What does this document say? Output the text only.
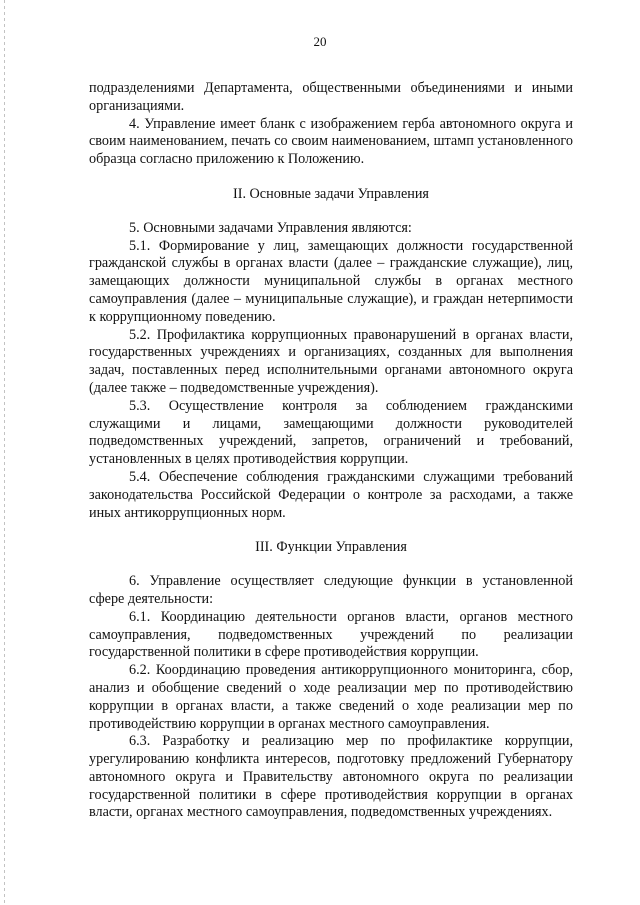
20

подразделениями Департамента, общественными объединениями и иными организациями.

4. Управление имеет бланк с изображением герба автономного округа и своим наименованием, печать со своим наименованием, штамп установленного образца согласно приложению к Положению.

II. Основные задачи Управления

5. Основными задачами Управления являются:

5.1. Формирование у лиц, замещающих должности государственной гражданской службы в органах власти (далее – гражданские служащие), лиц, замещающих должности муниципальной службы в органах местного самоуправления (далее – муниципальные служащие), и граждан нетерпимости к коррупционному поведению.

5.2. Профилактика коррупционных правонарушений в органах власти, государственных учреждениях и организациях, созданных для выполнения задач, поставленных перед исполнительными органами автономного округа (далее также – подведомственные учреждения).

5.3. Осуществление контроля за соблюдением гражданскими служащими и лицами, замещающими должности руководителей подведомственных учреждений, запретов, ограничений и требований, установленных в целях противодействия коррупции.

5.4. Обеспечение соблюдения гражданскими служащими требований законодательства Российской Федерации о контроле за расходами, а также иных антикоррупционных норм.

III. Функции Управления

6. Управление осуществляет следующие функции в установленной сфере деятельности:

6.1. Координацию деятельности органов власти, органов местного самоуправления, подведомственных учреждений по реализации государственной политики в сфере противодействия коррупции.

6.2. Координацию проведения антикоррупционного мониторинга, сбор, анализ и обобщение сведений о ходе реализации мер по противодействию коррупции в органах власти, а также сведений о ходе реализации мер по противодействию коррупции в органах местного самоуправления.

6.3. Разработку и реализацию мер по профилактике коррупции, урегулированию конфликта интересов, подготовку предложений Губернатору автономного округа и Правительству автономного округа по реализации государственной политики в сфере противодействия коррупции в органах власти, органах местного самоуправления, подведомственных учреждениях.
